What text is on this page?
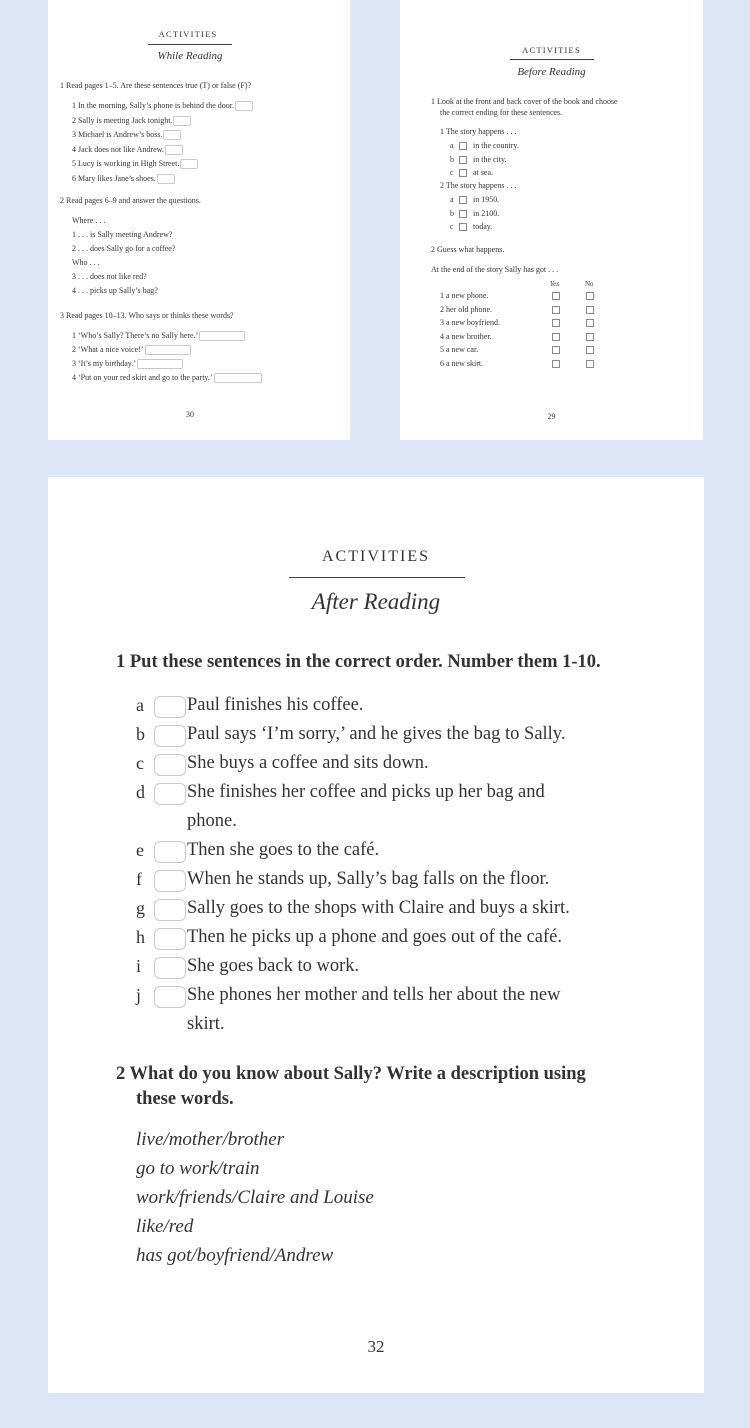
ACTIVITIES
While Reading
1 Read pages 1–5. Are these sentences true (T) or false (F)?
1 In the morning, Sally’s phone is behind the door.
2 Sally is meeting Jack tonight.
3 Michael is Andrew’s boss.
4 Jack does not like Andrew.
5 Lucy is working in High Street.
6 Mary likes Jane’s shoes.
2 Read pages 6–9 and answer the questions.
Where . . .
1 . . . is Sally meeting Andrew?
2 . . . does Sally go for a coffee?
Who . . .
3 . . . does not like red?
4 . . . picks up Sally’s bag?
3 Read pages 10–13. Who says or thinks these words?
1 ‘Who’s Sally? There’s no Sally here.’
2 ‘What a nice voice!’
3 ‘It’s my birthday.’
4 ‘Put on your red skirt and go to the party.’
30
ACTIVITIES
Before Reading
1 Look at the front and back cover of the book and choose
the correct ending for these sentences.
1 The story happens . . .
a in the country.
b in the city.
c at sea.
2 The story happens . . .
a in 1950.
b in 2100.
c today.
2 Guess what happens.
At the end of the story Sally has got . . .
Yes	No
1 a new phone.
2 her old phone.
3 a new boyfriend.
4 a new brother.
5 a new car.
6 a new skirt.
29
ACTIVITIES
After Reading
1 Put these sentences in the correct order. Number them 1-10.
a Paul finishes his coffee.
b Paul says ‘I’m sorry,’ and he gives the bag to Sally.
c She buys a coffee and sits down.
d She finishes her coffee and picks up her bag and
phone.
e Then she goes to the café.
f When he stands up, Sally’s bag falls on the floor.
g Sally goes to the shops with Claire and buys a skirt.
h Then he picks up a phone and goes out of the café.
i She goes back to work.
j She phones her mother and tells her about the new
skirt.
2 What do you know about Sally? Write a description using
these words.
live/mother/brother
go to work/train
work/friends/Claire and Louise
like/red
has got/boyfriend/Andrew
32
